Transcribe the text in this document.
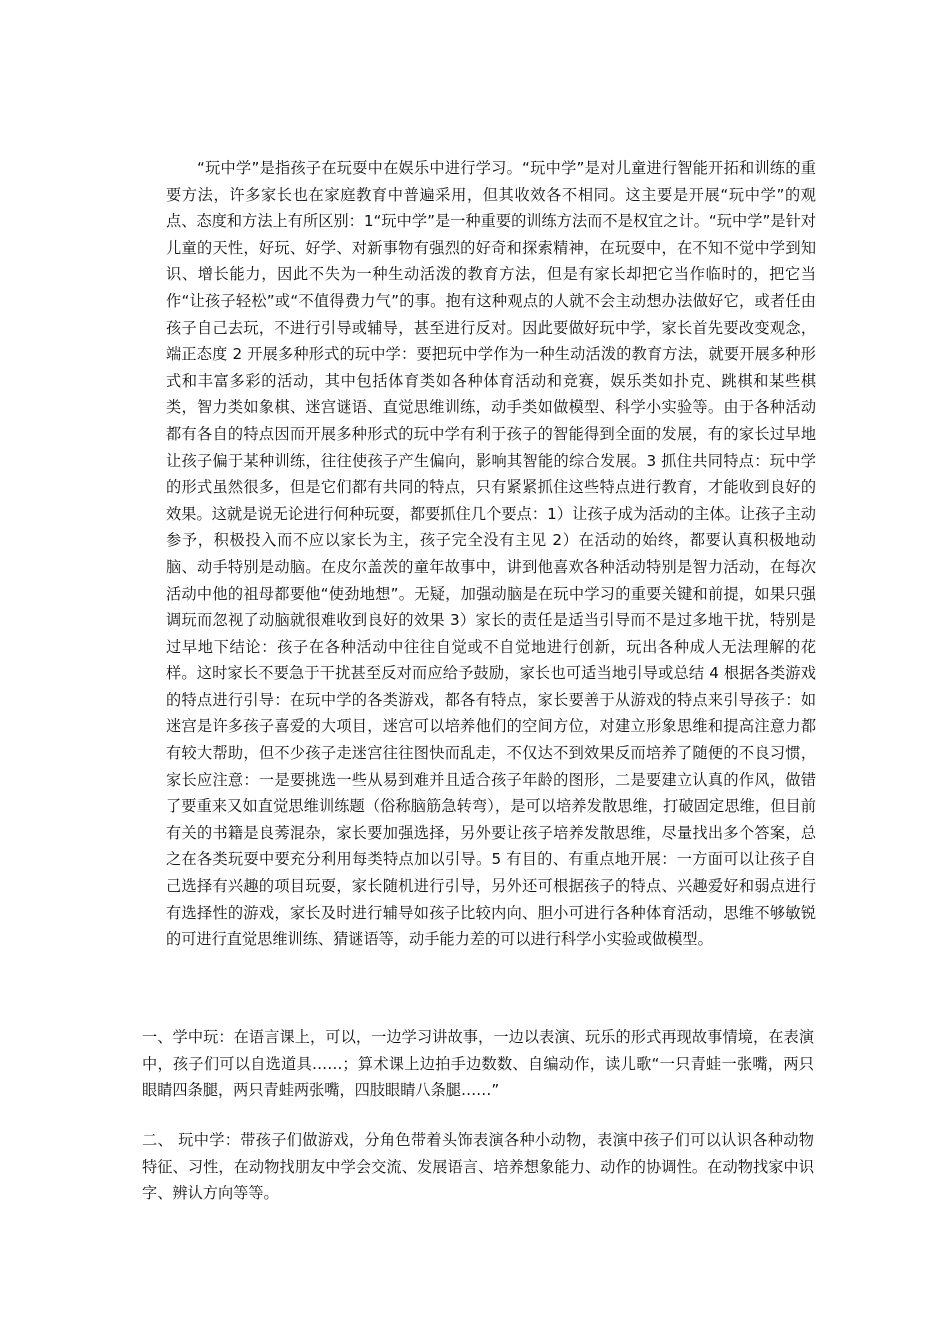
“玩中学”是指孩子在玩耍中在娱乐中进行学习。“玩中学”是对儿童进行智能开拓和训练的重要方法，许多家长也在家庭教育中普遍采用，但其收效各不相同。这主要是开展“玩中学”的观点、态度和方法上有所区别：1“玩中学”是一种重要的训练方法而不是权宜之计。“玩中学”是针对儿童的天性，好玩、好学、对新事物有强烈的好奇和探索精神，在玩耍中，在不知不觉中学到知识、增长能力，因此不失为一种生动活泼的教育方法，但是有家长却把它当作临时的，把它当作“让孩子轻松”或“不值得费力气”的事。抱有这种观点的人就不会主动想办法做好它，或者任由孩子自己去玩，不进行引导或辅导，甚至进行反对。因此要做好玩中学，家长首先要改变观念，端正态度 2 开展多种形式的玩中学：要把玩中学作为一种生动活泼的教育方法，就要开展多种形式和丰富多彩的活动，其中包括体育类如各种体育活动和竞赛，娱乐类如扑克、跳棋和某些棋类，智力类如象棋、迷宫谜语、直觉思维训练，动手类如做模型、科学小实验等。由于各种活动都有各自的特点因而开展多种形式的玩中学有利于孩子的智能得到全面的发展，有的家长过早地让孩子偏于某种训练，往往使孩子产生偏向，影响其智能的综合发展。3 抓住共同特点：玩中学的形式虽然很多，但是它们都有共同的特点，只有紧紧抓住这些特点进行教育，才能收到良好的效果。这就是说无论进行何种玩耍，都要抓住几个要点：1）让孩子成为活动的主体。让孩子主动参予，积极投入而不应以家长为主，孩子完全没有主见 2）在活动的始终，都要认真积极地动脑、动手特别是动脑。在皮尔盖茨的童年故事中，讲到他喜欢各种活动特别是智力活动，在每次活动中他的祖母都要他“使劲地想”。无疑，加强动脑是在玩中学习的重要关键和前提，如果只强调玩而忽视了动脑就很难收到良好的效果 3）家长的责任是适当引导而不是过多地干扰，特别是过早地下结论：孩子在各种活动中往往自觉或不自觉地进行创新，玩出各种成人无法理解的花样。这时家长不要急于干扰甚至反对而应给予鼓励，家长也可适当地引导或总结 4 根据各类游戏的特点进行引导：在玩中学的各类游戏，都各有特点，家长要善于从游戏的特点来引导孩子：如迷宫是许多孩子喜爱的大项目，迷宫可以培养他们的空间方位，对建立形象思维和提高注意力都有较大帮助，但不少孩子走迷宫往往图快而乱走，不仅达不到效果反而培养了随便的不良习惯，家长应注意：一是要挑选一些从易到难并且适合孩子年龄的图形，二是要建立认真的作风，做错了要重来又如直觉思维训练题（俗称脑筋急转弯），是可以培养发散思维，打破固定思维，但目前有关的书籍是良莠混杂，家长要加强选择，另外要让孩子培养发散思维，尽量找出多个答案，总之在各类玩耍中要充分利用每类特点加以引导。5 有目的、有重点地开展：一方面可以让孩子自己选择有兴趣的项目玩耍，家长随机进行引导，另外还可根据孩子的特点、兴趣爱好和弱点进行有选择性的游戏，家长及时进行辅导如孩子比较内向、胆小可进行各种体育活动，思维不够敏锐的可进行直觉思维训练、猜谜语等，动手能力差的可以进行科学小实验或做模型。

一、学中玩：在语言课上，可以，一边学习讲故事，一边以表演、玩乐的形式再现故事情境，在表演中，孩子们可以自选道具……；算术课上边拍手边数数、自编动作，读儿歌“一只青蛙一张嘴，两只眼睛四条腿，两只青蛙两张嘴，四肢眼睛八条腿……”

二、 玩中学：带孩子们做游戏，分角色带着头饰表演各种小动物，表演中孩子们可以认识各种动物特征、习性，在动物找朋友中学会交流、发展语言、培养想象能力、动作的协调性。在动物找家中识字、辨认方向等等。
